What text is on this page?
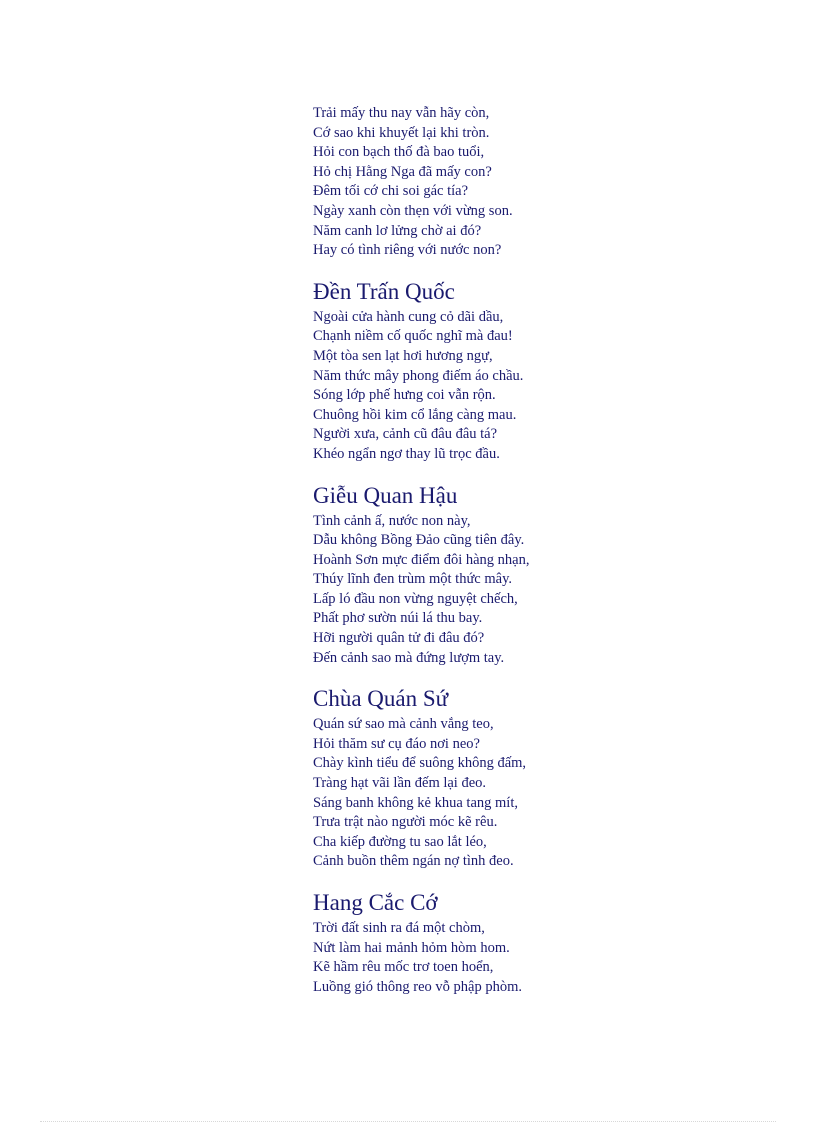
Trải mấy thu nay vẫn hãy còn,
Cớ sao khi khuyết lại khi tròn.
Hỏi con bạch thố đà bao tuổi,
Hỏ chị Hằng Nga đã mấy con?
Đêm tối cớ chi soi gác tía?
Ngày xanh còn thẹn với vừng son.
Năm canh lơ lửng chờ ai đó?
Hay có tình riêng với nước non?
Đền Trấn Quốc
Ngoài cửa hành cung cỏ dãi dầu,
Chạnh niềm cố quốc nghĩ mà đau!
Một tòa sen lạt hơi hương ngự,
Năm thức mây phong điếm áo chầu.
Sóng lớp phế hưng coi vẫn rộn.
Chuông hồi kim cổ lắng càng mau.
Người xưa, cảnh cũ đâu đâu tá?
Khéo ngẩn ngơ thay lũ trọc đầu.
Giễu Quan Hậu
Tình cảnh ấ, nước non này,
Dẫu không Bồng Đảo cũng tiên đây.
Hoành Sơn mực điểm đôi hàng nhạn,
Thúy lĩnh đen trùm một thức mây.
Lấp ló đầu non vừng nguyệt chếch,
Phất phơ sườn núi lá thu bay.
Hỡi người quân tử đi đâu đó?
Đến cảnh sao mà đứng lượm tay.
Chùa Quán Sứ
Quán sứ sao mà cảnh vắng teo,
Hỏi thăm sư cụ đáo nơi neo?
Chày kình tiểu để suông không đấm,
Tràng hạt vãi lần đếm lại đeo.
Sáng banh không kẻ khua tang mít,
Trưa trật nào người móc kẽ rêu.
Cha kiếp đường tu sao lắt léo,
Cảnh buồn thêm ngán nợ tình đeo.
Hang Cắc Cớ
Trời đất sinh ra đá một chòm,
Nứt làm hai mảnh hỏm hòm hom.
Kẽ hầm rêu mốc trơ toen hoển,
Luồng gió thông reo vỗ phập phòm.
